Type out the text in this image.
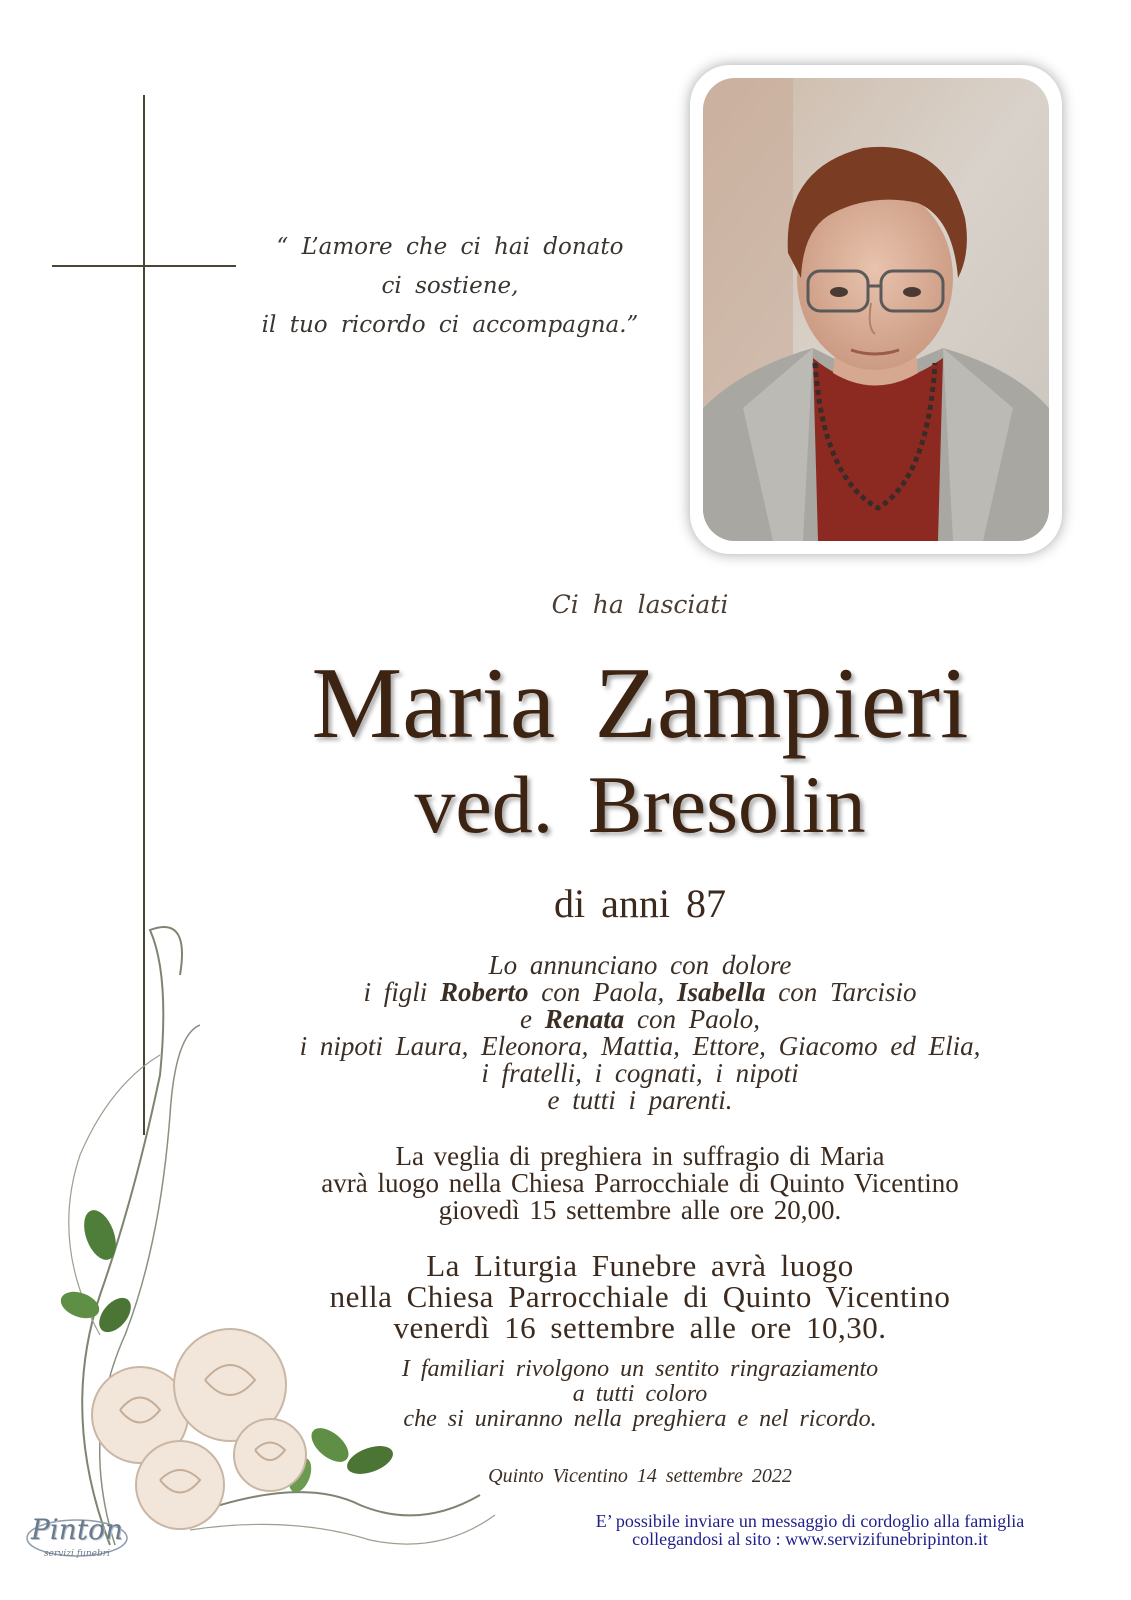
“ L’amore che ci hai donato
ci sostiene,
il tuo ricordo ci accompagna.”
Ci ha lasciati
Maria Zampieri
ved. Bresolin
di anni 87
Lo annunciano con dolore
i figli Roberto con Paola, Isabella con Tarcisio
e Renata con Paolo,
i nipoti Laura, Eleonora, Mattia, Ettore, Giacomo ed Elia,
i fratelli, i cognati, i nipoti
e tutti i parenti.
La veglia di preghiera in suffragio di Maria
avrà luogo nella Chiesa Parrocchiale di Quinto Vicentino
giovedì 15 settembre alle ore 20,00.
La Liturgia Funebre avrà luogo
nella Chiesa Parrocchiale di Quinto Vicentino
venerdì 16 settembre alle ore 10,30.
I familiari rivolgono un sentito ringraziamento
a tutti coloro
che si uniranno nella preghiera e nel ricordo.
Quinto Vicentino 14 settembre 2022
E’ possibile inviare un messaggio di cordoglio alla famiglia
collegandosi al sito : www.servizifunebripinton.it
Pinton
servizi funebri
